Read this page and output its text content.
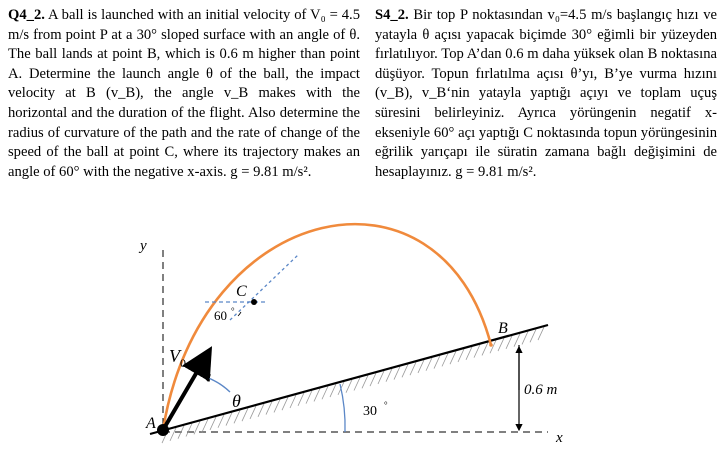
Q4_2. A ball is launched with an initial velocity of V₀ = 4.5 m/s from point P at a 30° sloped surface with an angle of θ. The ball lands at point B, which is 0.6 m higher than point A. Determine the launch angle θ of the ball, the impact velocity at B (v_B), the angle v_B makes with the horizontal and the duration of the flight. Also determine the radius of curvature of the path and the rate of change of the speed of the ball at point C, where its trajectory makes an angle of 60° with the negative x-axis. g = 9.81 m/s².

S4_2. Bir top P noktasından v₀=4.5 m/s başlangıç hızı ve yatayla θ açısı yapacak biçimde 30° eğimli bir yüzeyden fırlatılıyor. Top A’dan 0.6 m daha yüksek olan B noktasına düşüyor. Topun fırlatılma açısı θ’yı, B’ye vurma hızını (v_B), v_B‘nin yatayla yaptığı açıyı ve toplam uçuş süresini belirleyiniz. Ayrıca yörüngenin negatif x-ekseniyle 60° açı yaptığı C noktasında topun yörüngesinin eğrilik yarıçapı ile süratin zamana bağlı değişimini de hesaplayınız. g = 9.81 m/s².

y
x
C
60 °
V 0
θ
30 °
A
B
0.6 m
